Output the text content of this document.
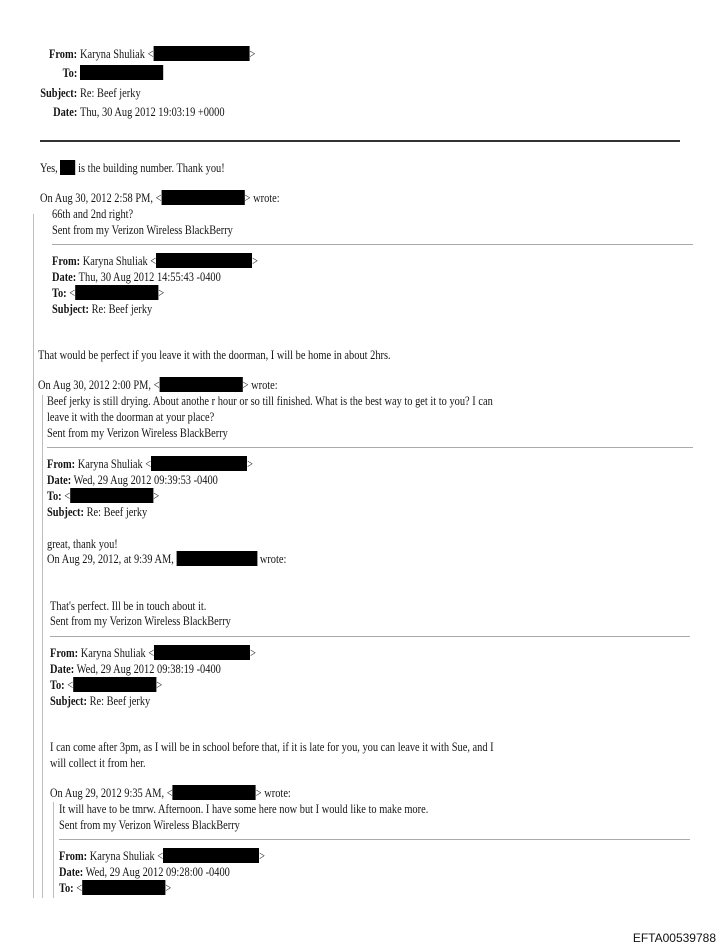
From: Karyna Shuliak <	>
To:
Subject: Re: Beef jerky
Date: Thu, 30 Aug 2012 19:03:19 +0000
Yes, is the building number. Thank you!
On Aug 30, 2012 2:58 PM, <	> wrote:
66th and 2nd right?
Sent from my Verizon Wireless BlackBerry
From: Karyna Shuliak <	>
Date: Thu, 30 Aug 2012 14:55:43 -0400
To: <	>
Subject: Re: Beef jerky
That would be perfect if you leave it with the doorman, I will be home in about 2hrs.
On Aug 30, 2012 2:00 PM, <	> wrote:
Beef jerky is still drying. About anothe r hour or so till finished. What is the best way to get it to you? I can
leave it with the doorman at your place?
Sent from my Verizon Wireless BlackBerry
From: Karyna Shuliak <	>
Date: Wed, 29 Aug 2012 09:39:53 -0400
To: <	>
Subject: Re: Beef jerky
great, thank you!
On Aug 29, 2012, at 9:39 AM,	wrote:
That's perfect. Ill be in touch about it.
Sent from my Verizon Wireless BlackBerry
From: Karyna Shuliak <	>
Date: Wed, 29 Aug 2012 09:38:19 -0400
To: <	>
Subject: Re: Beef jerky
I can come after 3pm, as I will be in school before that, if it is late for you, you can leave it with Sue, and I
will collect it from her.
On Aug 29, 2012 9:35 AM, <	> wrote:
It will have to be tmrw. Afternoon. I have some here now but I would like to make more.
Sent from my Verizon Wireless BlackBerry
From: Karyna Shuliak <	>
Date: Wed, 29 Aug 2012 09:28:00 -0400
To: <	>
EFTA00539788
